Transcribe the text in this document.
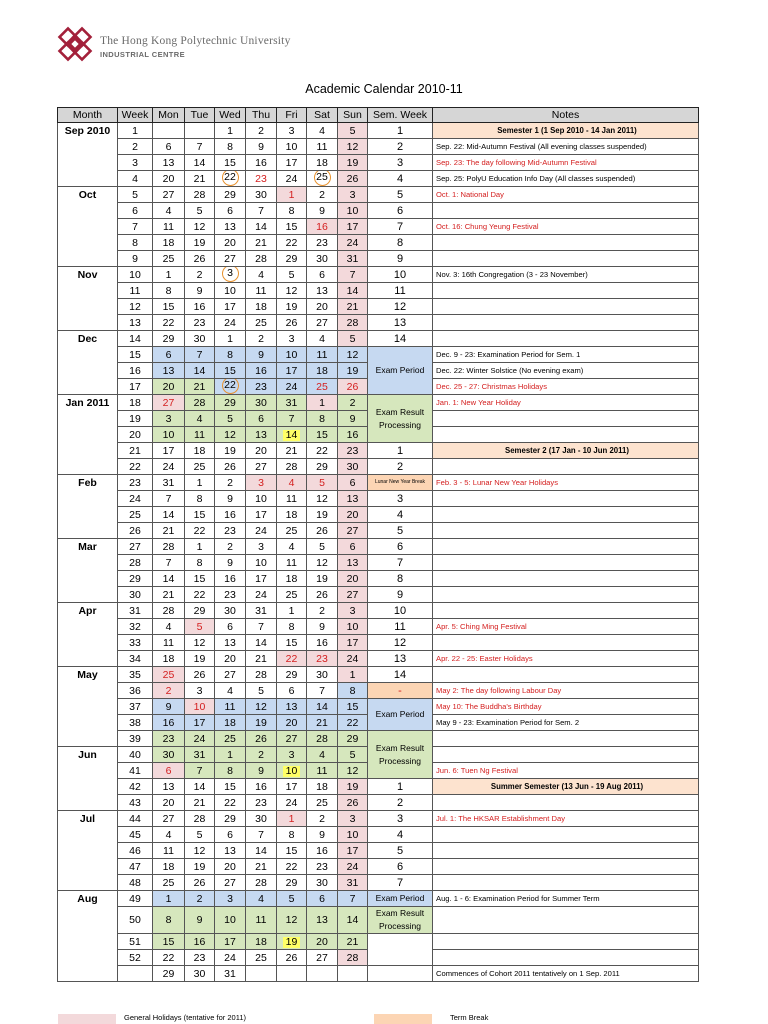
The Hong Kong Polytechnic University
INDUSTRIAL CENTRE
Academic Calendar 2010-11
Month	Week	Mon	Tue	Wed	Thu	Fri	Sat	Sun	Sem. Week	Notes
Sep 2010	1			1	2	3	4	5	1	Semester 1 (1 Sep 2010 - 14 Jan 2011)
	2	6	7	8	9	10	11	12	2	Sep. 22: Mid-Autumn Festival (All evening classes suspended)
	3	13	14	15	16	17	18	19	3	Sep. 23: The day following Mid-Autumn Festival
	4	20	21	22	23	24	25	26	4	Sep. 25: PolyU Education Info Day (All classes suspended)
Oct	5	27	28	29	30	1	2	3	5	Oct. 1: National Day
	6	4	5	6	7	8	9	10	6	
	7	11	12	13	14	15	16	17	7	Oct. 16: Chung Yeung Festival
	8	18	19	20	21	22	23	24	8	
	9	25	26	27	28	29	30	31	9	
Nov	10	1	2	3	4	5	6	7	10	Nov. 3: 16th Congregation (3 - 23 November)
	11	8	9	10	11	12	13	14	11	
	12	15	16	17	18	19	20	21	12	
	13	22	23	24	25	26	27	28	13	
Dec	14	29	30	1	2	3	4	5	14	
	15	6	7	8	9	10	11	12	Exam Period	Dec. 9 - 23: Examination Period for Sem. 1
	16	13	14	15	16	17	18	19		Dec. 22: Winter Solstice (No evening exam)
	17	20	21	22	23	24	25	26		Dec. 25 - 27: Christmas Holidays
Jan 2011	18	27	28	29	30	31	1	2	Exam Result Processing	Jan. 1: New Year Holiday
	19	3	4	5	6	7	8	9		
	20	10	11	12	13	14	15	16		
	21	17	18	19	20	21	22	23	1	Semester 2 (17 Jan - 10 Jun 2011)
	22	24	25	26	27	28	29	30	2	
Feb	23	31	1	2	3	4	5	6	Lunar New Year Break	Feb. 3 - 5: Lunar New Year Holidays
	24	7	8	9	10	11	12	13	3	
	25	14	15	16	17	18	19	20	4	
	26	21	22	23	24	25	26	27	5	
Mar	27	28	1	2	3	4	5	6	6	
	28	7	8	9	10	11	12	13	7	
	29	14	15	16	17	18	19	20	8	
	30	21	22	23	24	25	26	27	9	
Apr	31	28	29	30	31	1	2	3	10	
	32	4	5	6	7	8	9	10	11	Apr. 5: Ching Ming Festival
	33	11	12	13	14	15	16	17	12	
	34	18	19	20	21	22	23	24	13	Apr. 22 - 25: Easter Holidays
May	35	25	26	27	28	29	30	1	14	
	36	2	3	4	5	6	7	8	-	May 2: The day following Labour Day
	37	9	10	11	12	13	14	15	Exam Period	May 10: The Buddha's Birthday
	38	16	17	18	19	20	21	22		May 9 - 23: Examination Period for Sem. 2
	39	23	24	25	26	27	28	29	Exam Result Processing	
Jun	40	30	31	1	2	3	4	5		
	41	6	7	8	9	10	11	12		Jun. 6: Tuen Ng Festival
	42	13	14	15	16	17	18	19	1	Summer Semester (13 Jun - 19 Aug 2011)
	43	20	21	22	23	24	25	26	2	
Jul	44	27	28	29	30	1	2	3	3	Jul. 1: The HKSAR Establishment Day
	45	4	5	6	7	8	9	10	4	
	46	11	12	13	14	15	16	17	5	
	47	18	19	20	21	22	23	24	6	
	48	25	26	27	28	29	30	31	7	
Aug	49	1	2	3	4	5	6	7	Exam Period	Aug. 1 - 6: Examination Period for Summer Term
	50	8	9	10	11	12	13	14	Exam Result Processing	
	51	15	16	17	18	19	20	21		
	52	22	23	24	25	26	27	28		
		29	30	31						Commences of Cohort 2011 tentatively on 1 Sep. 2011
General Holidays (tentative for 2011)	Term Break
